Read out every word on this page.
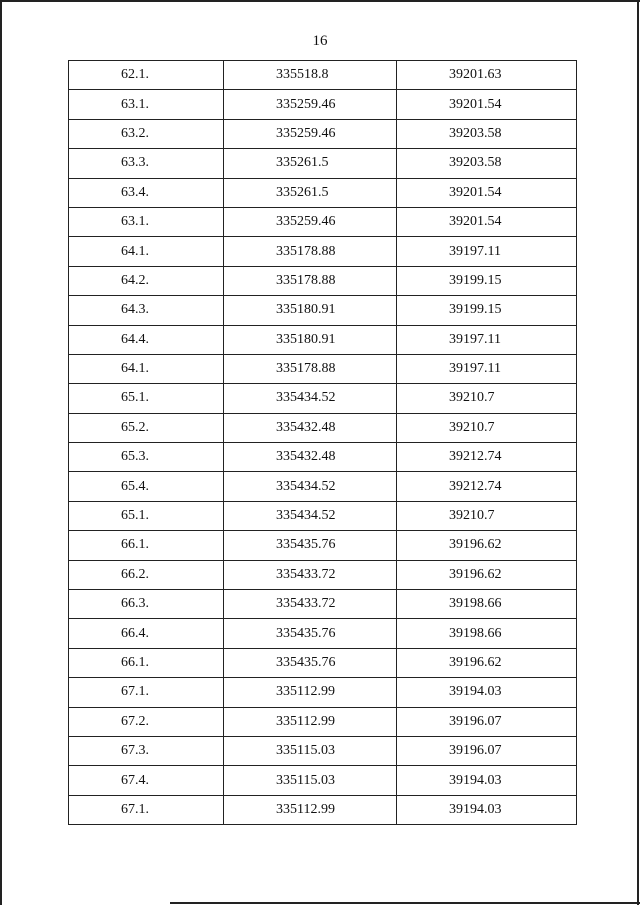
16
62.1.	335518.8	39201.63
63.1.	335259.46	39201.54
63.2.	335259.46	39203.58
63.3.	335261.5	39203.58
63.4.	335261.5	39201.54
63.1.	335259.46	39201.54
64.1.	335178.88	39197.11
64.2.	335178.88	39199.15
64.3.	335180.91	39199.15
64.4.	335180.91	39197.11
64.1.	335178.88	39197.11
65.1.	335434.52	39210.7
65.2.	335432.48	39210.7
65.3.	335432.48	39212.74
65.4.	335434.52	39212.74
65.1.	335434.52	39210.7
66.1.	335435.76	39196.62
66.2.	335433.72	39196.62
66.3.	335433.72	39198.66
66.4.	335435.76	39198.66
66.1.	335435.76	39196.62
67.1.	335112.99	39194.03
67.2.	335112.99	39196.07
67.3.	335115.03	39196.07
67.4.	335115.03	39194.03
67.1.	335112.99	39194.03
